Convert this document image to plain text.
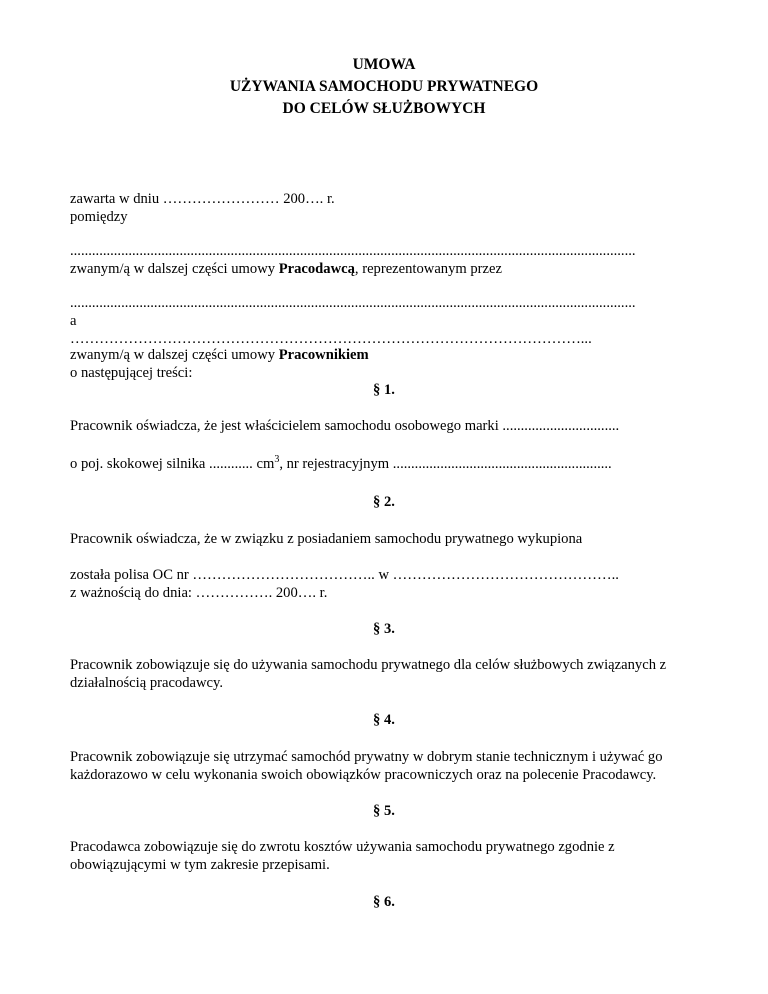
UMOWA
UŻYWANIA SAMOCHODU PRYWATNEGO
DO CELÓW SŁUŻBOWYCH
zawarta w dniu …………………… 200…. r.
pomiędzy
...........................................................................................................................................................
zwanym/ą w dalszej części umowy Pracodawcą, reprezentowanym przez
...........................................................................................................................................................
a
……………………………………………………………………………………………...
zwanym/ą w dalszej części umowy Pracownikiem
o następującej treści:
§ 1.
Pracownik oświadcza, że jest właścicielem samochodu osobowego marki ................................
o poj. skokowej silnika ............ $cm^3$, nr rejestracyjnym ............................................................
§ 2.
Pracownik oświadcza, że w związku z posiadaniem samochodu prywatnego wykupiona
została polisa OC nr ……………………………….. w ………………………………………..
z ważnością do dnia: ……………. 200…. r.
§ 3.
Pracownik zobowiązuje się do używania samochodu prywatnego dla celów służbowych związanych z
działalnością pracodawcy.
§ 4.
Pracownik zobowiązuje się utrzymać samochód prywatny w dobrym stanie technicznym i używać go
każdorazowo w celu wykonania swoich obowiązków pracowniczych oraz na polecenie Pracodawcy.
§ 5.
Pracodawca zobowiązuje się do zwrotu kosztów używania samochodu prywatnego zgodnie z
obowiązującymi w tym zakresie przepisami.
§ 6.
